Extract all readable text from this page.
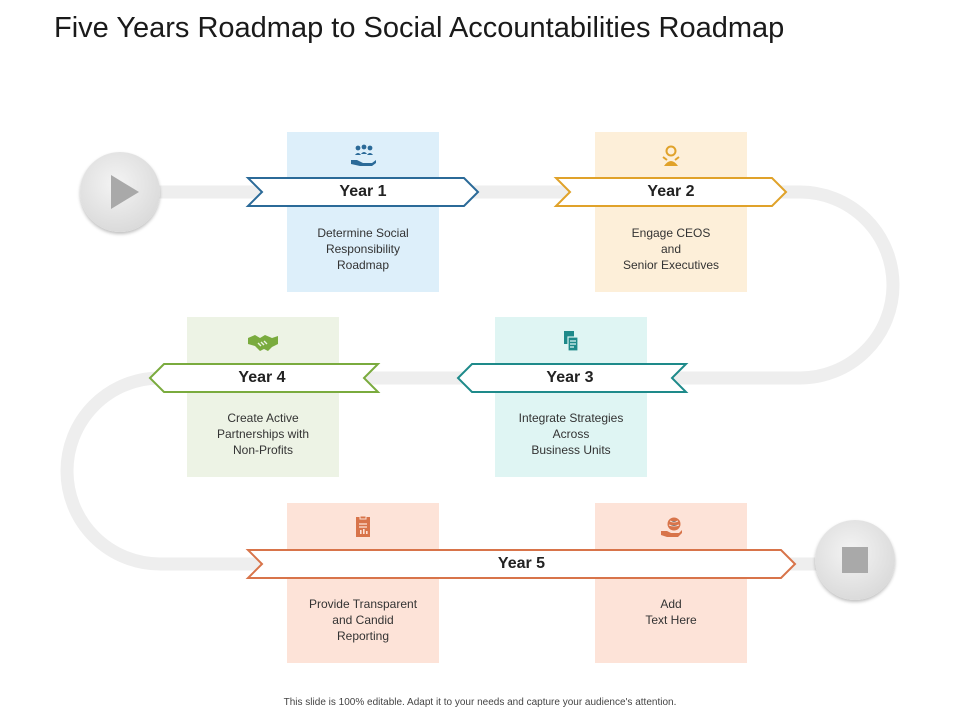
Five Years Roadmap to Social Accountabilities Roadmap
Determine Social
Responsibility
Roadmap
Engage CEOS
and
Senior Executives
Create Active
Partnerships with
Non-Profits
Integrate Strategies
Across
Business Units
Provide Transparent
and Candid
Reporting
Add
Text Here
Year 1	Year 2
Year 4	Year 3
Year 5
This slide is 100% editable. Adapt it to your needs and capture your audience's attention.
